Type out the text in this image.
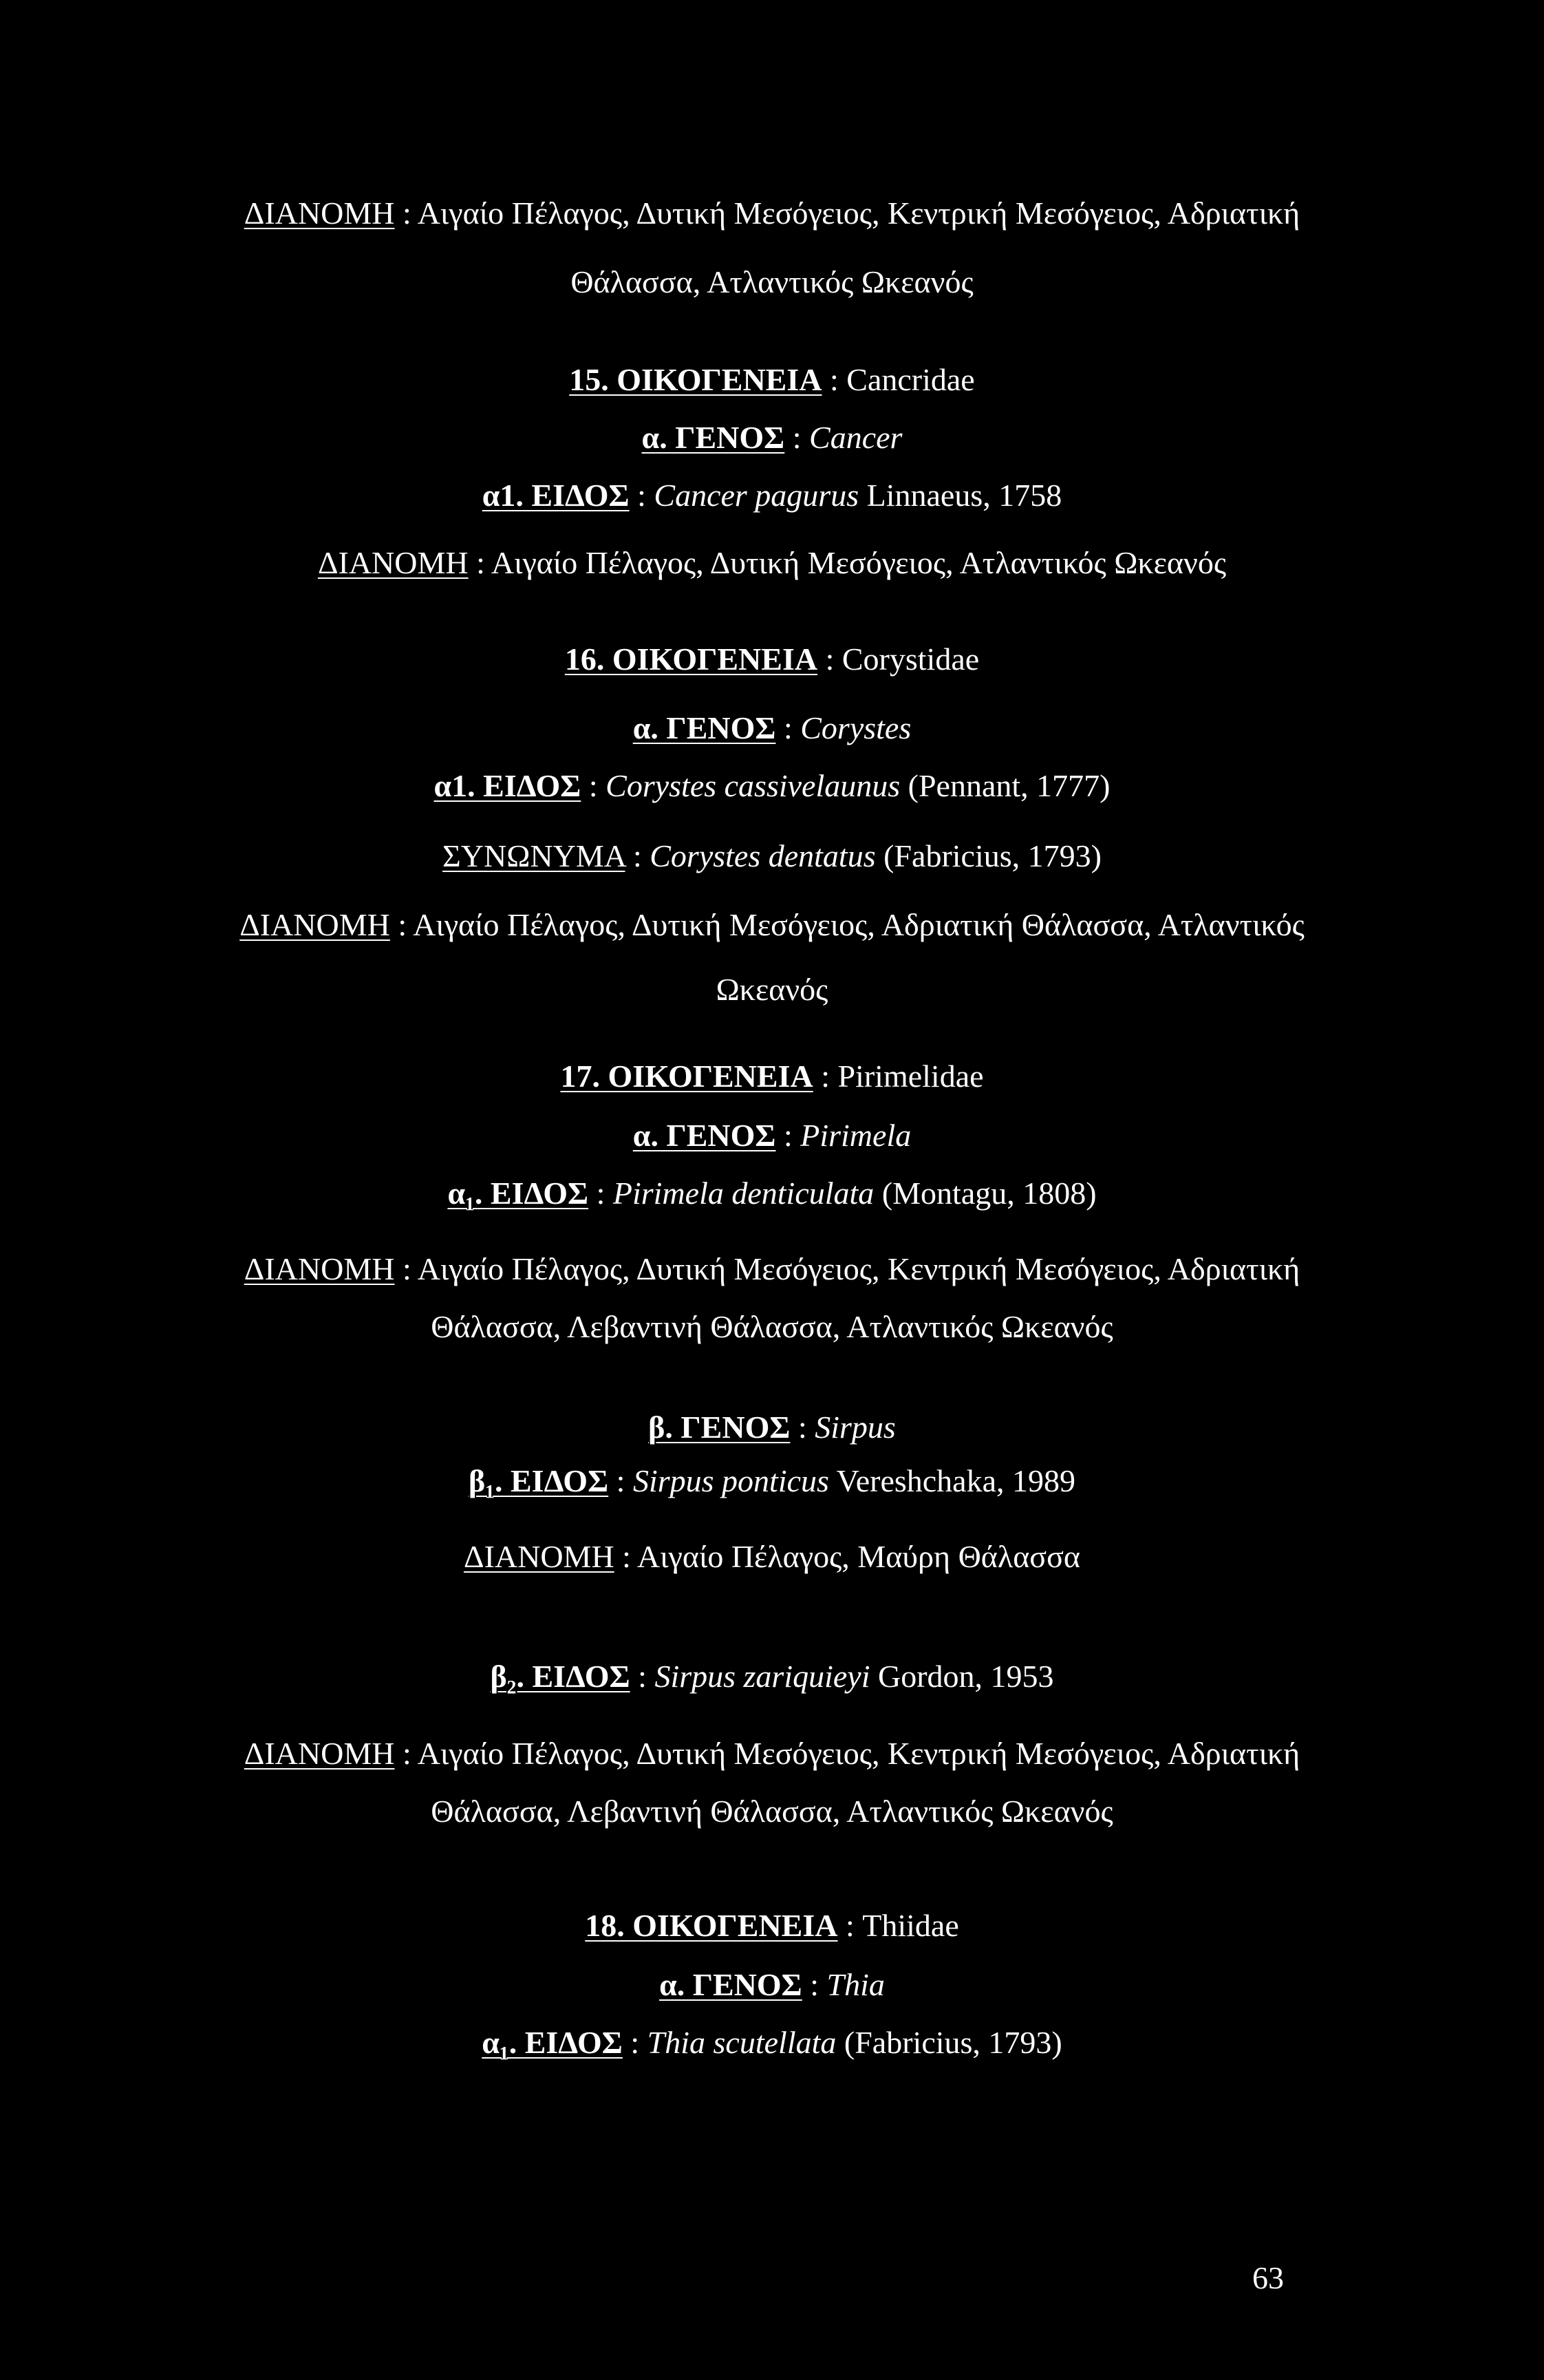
ΔΙΑΝΟΜΗ : Αιγαίο Πέλαγος, Δυτική Μεσόγειος, Κεντρική Μεσόγειος, Αδριατική
Θάλασσα, Ατλαντικός Ωκεανός
15. ΟΙΚΟΓΕΝΕΙΑ : Cancridae
α. ΓΕΝΟΣ : Cancer
α1. ΕΙΔΟΣ : Cancer pagurus Linnaeus, 1758
ΔΙΑΝΟΜΗ : Αιγαίο Πέλαγος, Δυτική Μεσόγειος, Ατλαντικός Ωκεανός
16. ΟΙΚΟΓΕΝΕΙΑ : Corystidae
α. ΓΕΝΟΣ : Corystes
α1. ΕΙΔΟΣ : Corystes cassivelaunus (Pennant, 1777)
ΣΥΝΩΝΥΜΑ : Corystes dentatus (Fabricius, 1793)
ΔΙΑΝΟΜΗ : Αιγαίο Πέλαγος, Δυτική Μεσόγειος, Αδριατική Θάλασσα, Ατλαντικός
Ωκεανός
17. ΟΙΚΟΓΕΝΕΙΑ : Pirimelidae
α. ΓΕΝΟΣ : Pirimela
α₁. ΕΙΔΟΣ : Pirimela denticulata (Montagu, 1808)
ΔΙΑΝΟΜΗ : Αιγαίο Πέλαγος, Δυτική Μεσόγειος, Κεντρική Μεσόγειος, Αδριατική
Θάλασσα, Λεβαντινή Θάλασσα, Ατλαντικός Ωκεανός
β. ΓΕΝΟΣ : Sirpus
β₁. ΕΙΔΟΣ : Sirpus ponticus Vereshchaka, 1989
ΔΙΑΝΟΜΗ : Αιγαίο Πέλαγος, Μαύρη Θάλασσα
β₂. ΕΙΔΟΣ : Sirpus zariquieyi Gordon, 1953
ΔΙΑΝΟΜΗ : Αιγαίο Πέλαγος, Δυτική Μεσόγειος, Κεντρική Μεσόγειος, Αδριατική
Θάλασσα, Λεβαντινή Θάλασσα, Ατλαντικός Ωκεανός
18. ΟΙΚΟΓΕΝΕΙΑ : Thiidae
α. ΓΕΝΟΣ : Thia
α₁. ΕΙΔΟΣ : Thia scutellata (Fabricius, 1793)
63
